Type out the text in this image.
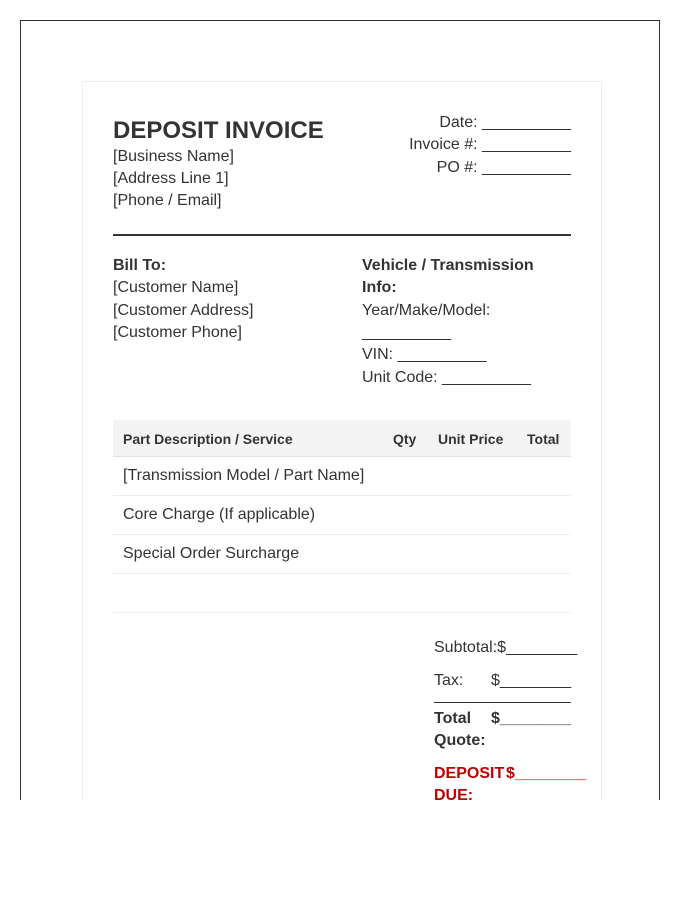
DEPOSIT INVOICE
[Business Name]
[Address Line 1]
[Phone / Email]
Date: __________
Invoice #: __________
PO #: __________
Bill To:
[Customer Name]
[Customer Address]
[Customer Phone]
Vehicle / Transmission
Info:
Year/Make/Model:
__________
VIN: __________
Unit Code: __________
Part Description / Service	Qty Unit Price Total
[Transmission Model / Part Name]
Core Charge (If applicable)
Special Order Surcharge
Subtotal:$________
Tax: $________
Total
Quote:
$________
DEPOSIT
DUE:
$________
